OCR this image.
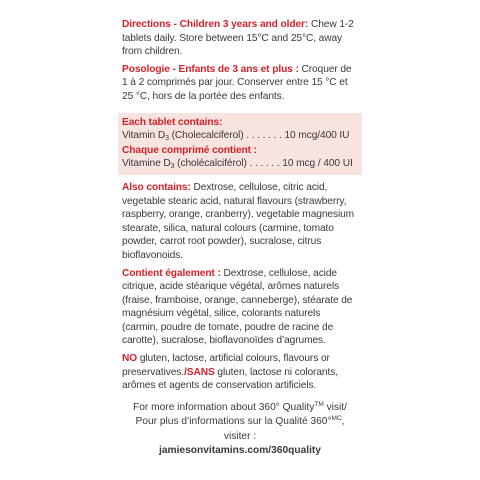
Directions - Children 3 years and older: Chew 1-2 tablets daily. Store between 15°C and 25°C, away from children.

Posologie - Enfants de 3 ans et plus : Croquer de 1 à 2 comprimés par jour. Conserver entre 15 °C et 25 °C, hors de la portée des enfants.

Each tablet contains:

Vitamin D3 (Cholecalciferol) . . . . . . . 10 mcg/400 IU

Chaque comprimé contient :

Vitamine D3 (cholécalciférol) . . . . . . 10 mcg / 400 UI

Also contains: Dextrose, cellulose, citric acid, vegetable stearic acid, natural flavours (strawberry, raspberry, orange, cranberry), vegetable magnesium stearate, silica, natural colours (carmine, tomato powder, carrot root powder), sucralose, citrus bioflavonoids.

Contient également : Dextrose, cellulose, acide citrique, acide stéarique végétal, arômes naturels (fraise, framboise, orange, canneberge), stéarate de magnésium végétal, silice, colorants naturels (carmin, poudre de tomate, poudre de racine de carotte), sucralose, bioflavonoïdes d’agrumes.

NO gluten, lactose, artificial colours, flavours or preservatives./SANS gluten, lactose ni colorants, arômes et agents de conservation artificiels.

For more information about 360° Quality™ visit/
Pour plus d’informations sur la Qualité 360°$^{MC}$, visiter :
jamiesonvitamins.com/360quality
